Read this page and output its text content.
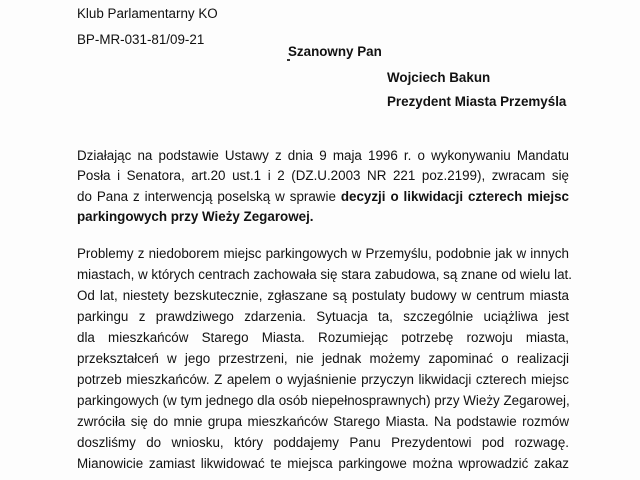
Klub Parlamentarny KO
BP-MR-031-81/09-21
Szanowny Pan
Wojciech Bakun
Prezydent Miasta Przemyśla
Działając na podstawie Ustawy z dnia 9 maja 1996 r. o wykonywaniu Mandatu
Posła i Senatora, art.20 ust.1 i 2 (DZ.U.2003 NR 221 poz.2199), zwracam się
do Pana z interwencją poselską w sprawie decyzji o likwidacji czterech miejsc
parkingowych przy Wieży Zegarowej.
Problemy z niedoborem miejsc parkingowych w Przemyślu, podobnie jak w innych
miastach, w których centrach zachowała się stara zabudowa, są znane od wielu lat.
Od lat, niestety bezskutecznie, zgłaszane są postulaty budowy w centrum miasta
parkingu z prawdziwego zdarzenia. Sytuacja ta, szczególnie uciążliwa jest
dla mieszkańców Starego Miasta. Rozumiejąc potrzebę rozwoju miasta,
przekształceń w jego przestrzeni, nie jednak możemy zapominać o realizacji
potrzeb mieszkańców. Z apelem o wyjaśnienie przyczyn likwidacji czterech miejsc
parkingowych (w tym jednego dla osób niepełnosprawnych) przy Wieży Zegarowej,
zwróciła się do mnie grupa mieszkańców Starego Miasta. Na podstawie rozmów
doszliśmy do wniosku, który poddajemy Panu Prezydentowi pod rozwagę.
Mianowicie zamiast likwidować te miejsca parkingowe można wprowadzić zakaz
